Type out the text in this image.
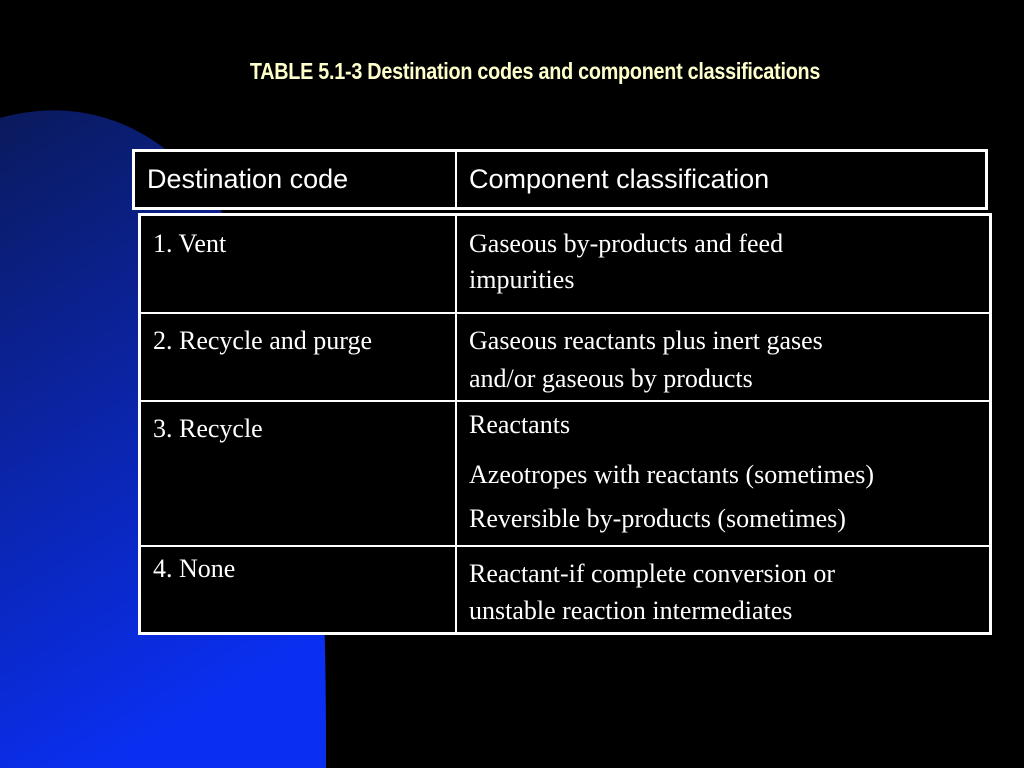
TABLE 5.1-3 Destination codes and component classifications
Destination code	Component classification
1. Vent	Gaseous by-products and feed
impurities
2. Recycle and purge	Gaseous reactants plus inert gases
and/or gaseous by products
3. Recycle	Reactants
Azeotropes with reactants (sometimes)
Reversible by-products (sometimes)
4. None	Reactant-if complete conversion or
unstable reaction intermediates
